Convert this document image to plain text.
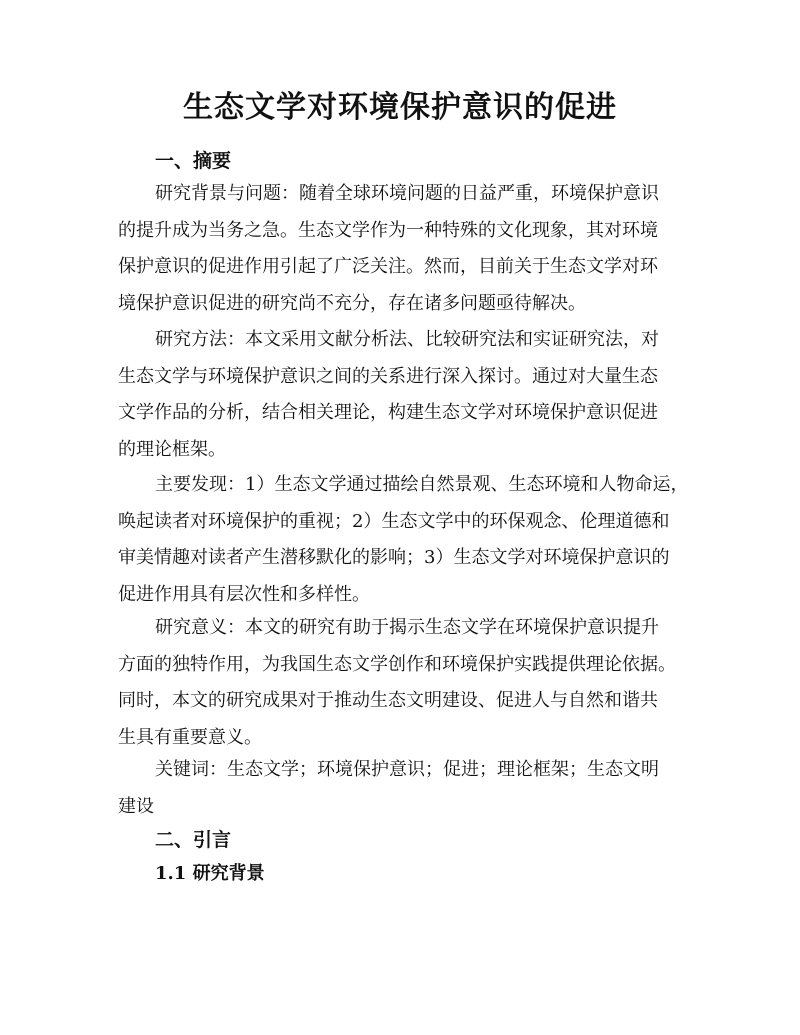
生态文学对环境保护意识的促进
一、摘要

研究背景与问题：随着全球环境问题的日益严重，环境保护意识
的提升成为当务之急。生态文学作为一种特殊的文化现象，其对环境
保护意识的促进作用引起了广泛关注。然而，目前关于生态文学对环
境保护意识促进的研究尚不充分，存在诸多问题亟待解决。

研究方法：本文采用文献分析法、比较研究法和实证研究法，对
生态文学与环境保护意识之间的关系进行深入探讨。通过对大量生态
文学作品的分析，结合相关理论，构建生态文学对环境保护意识促进
的理论框架。

主要发现：1）生态文学通过描绘自然景观、生态环境和人物命运，
唤起读者对环境保护的重视；2）生态文学中的环保观念、伦理道德和
审美情趣对读者产生潜移默化的影响；3）生态文学对环境保护意识的
促进作用具有层次性和多样性。

研究意义：本文的研究有助于揭示生态文学在环境保护意识提升
方面的独特作用，为我国生态文学创作和环境保护实践提供理论依据。
同时，本文的研究成果对于推动生态文明建设、促进人与自然和谐共
生具有重要意义。

关键词：生态文学；环境保护意识；促进；理论框架；生态文明
建设

二、引言
1.1 研究背景
